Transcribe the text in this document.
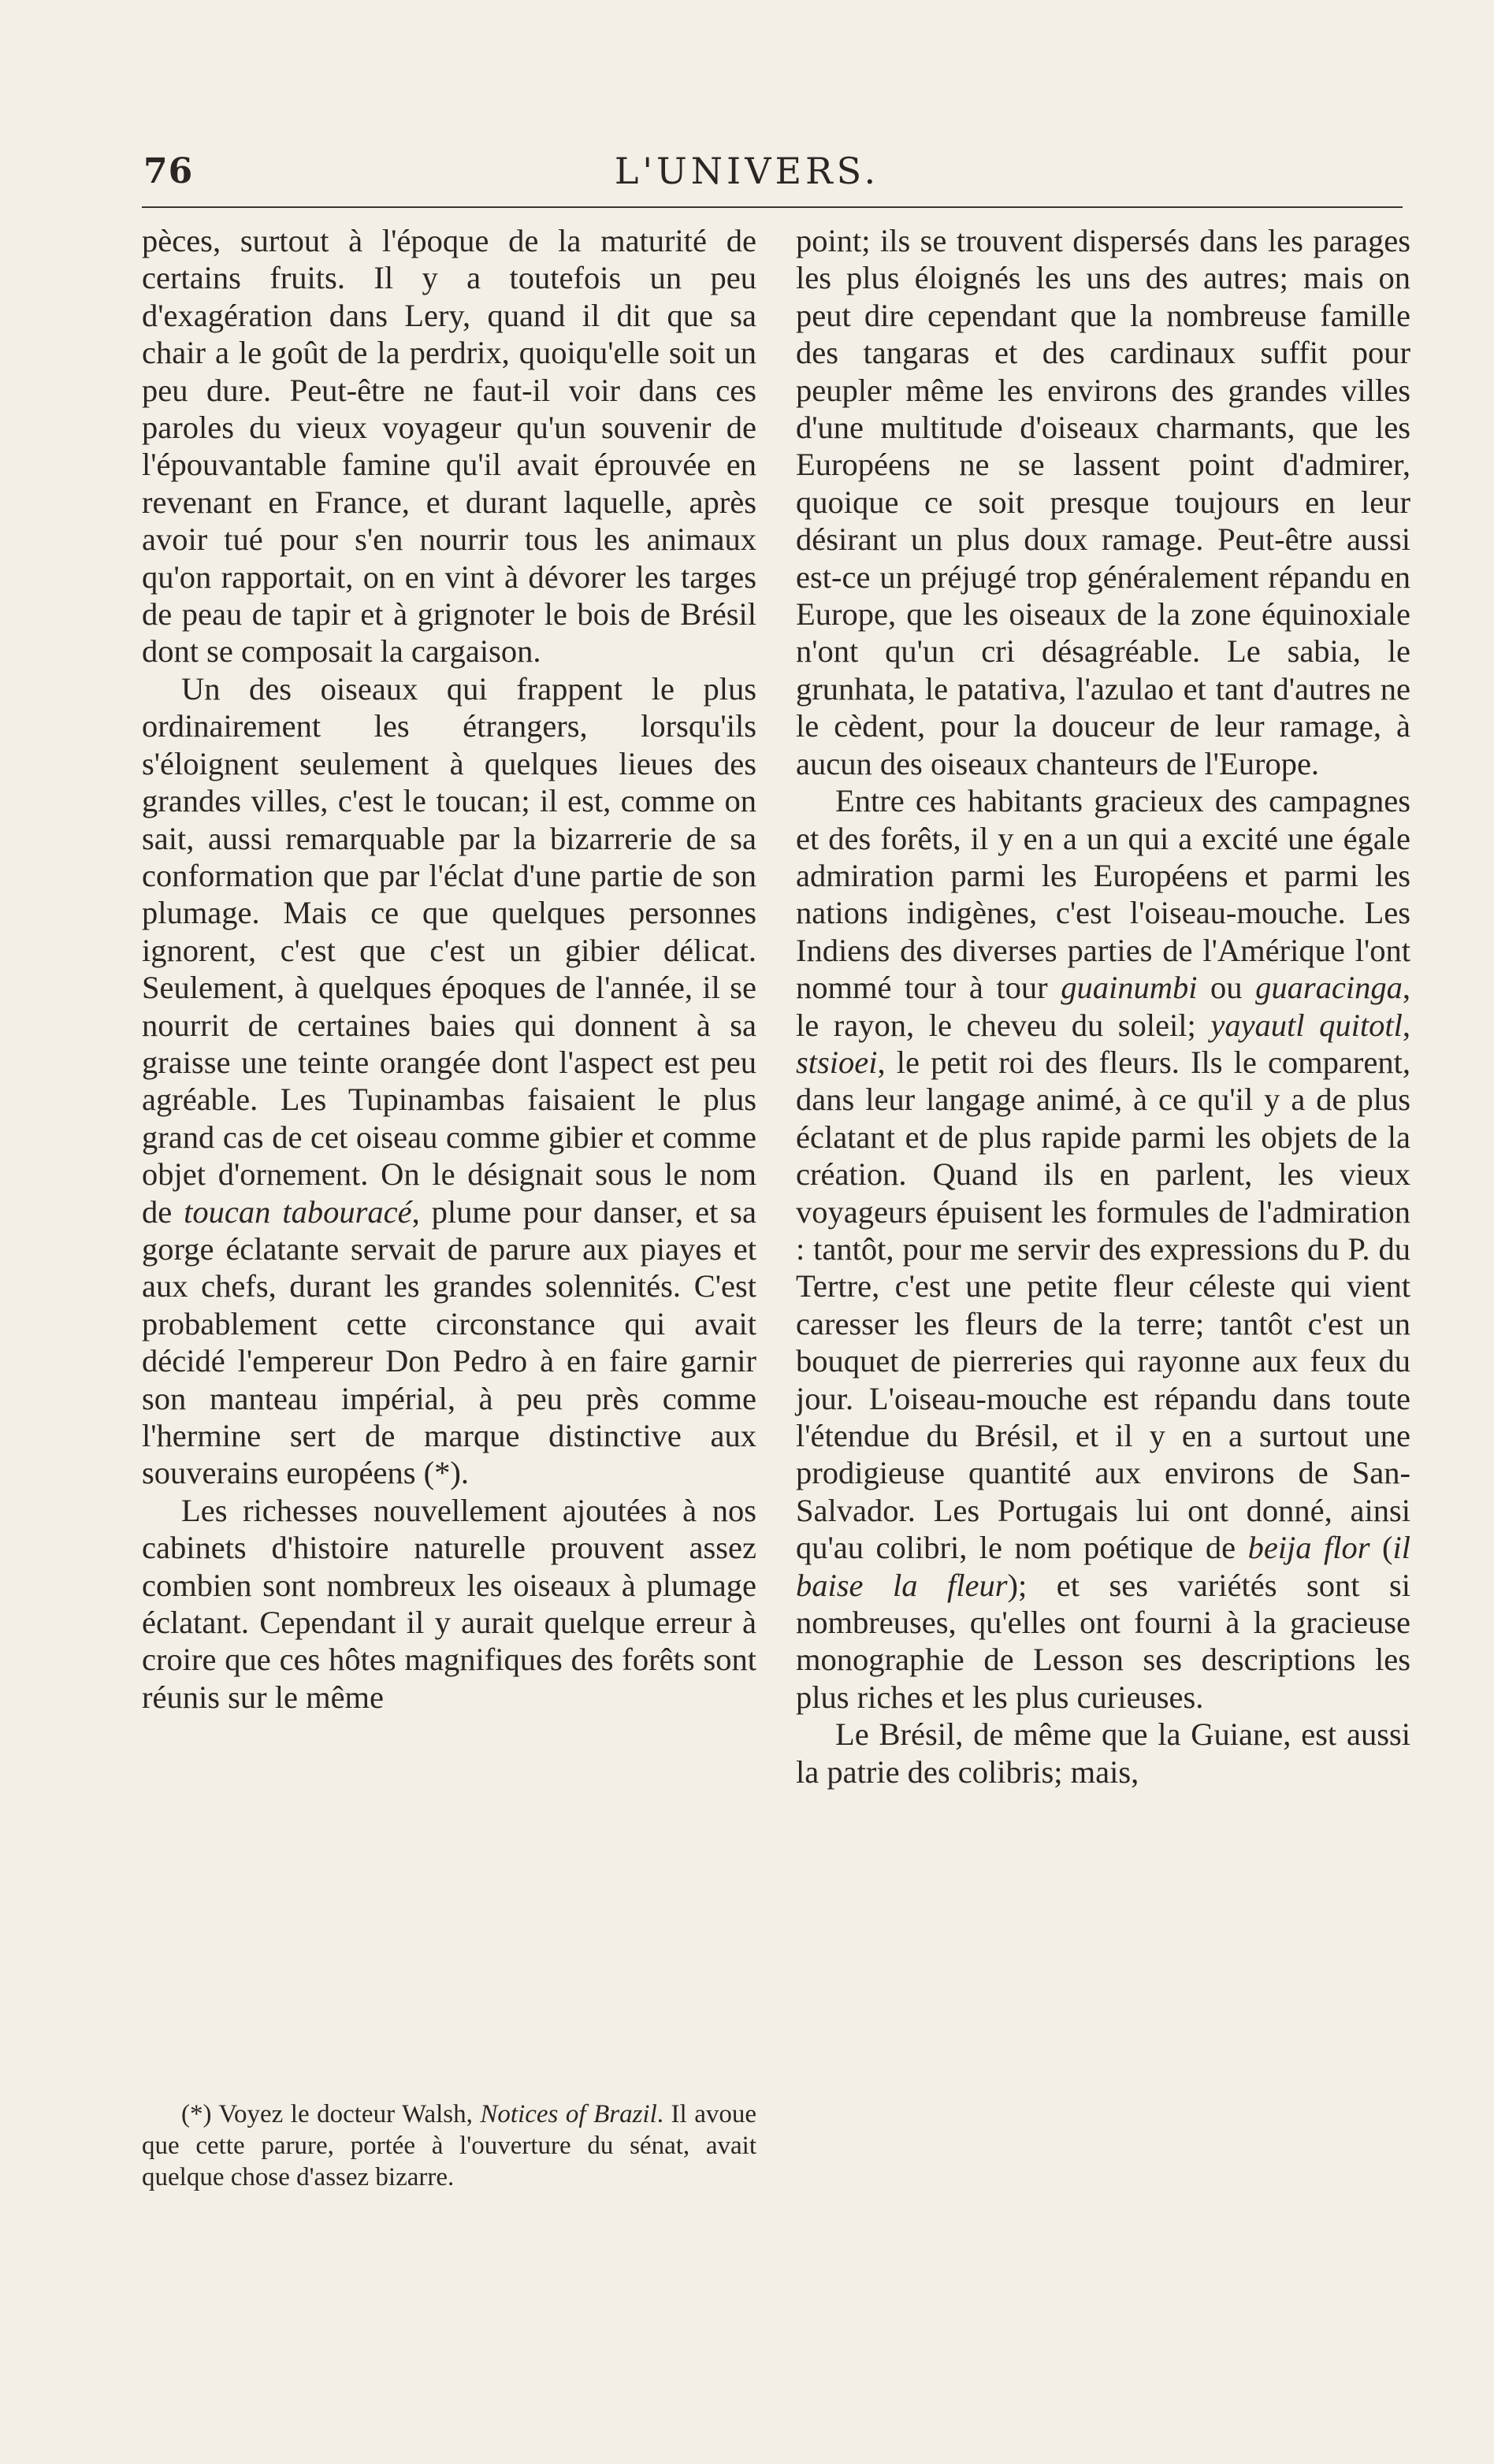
76	L'UNIVERS.

pèces, surtout à l'époque de la maturité de certains fruits. Il y a toutefois un peu d'exagération dans Lery, quand il dit que sa chair a le goût de la perdrix, quoiqu'elle soit un peu dure. Peut-être ne faut-il voir dans ces paroles du vieux voyageur qu'un souvenir de l'épouvantable famine qu'il avait éprouvée en revenant en France, et durant laquelle, après avoir tué pour s'en nourrir tous les animaux qu'on rapportait, on en vint à dévorer les targes de peau de tapir et à grignoter le bois de Brésil dont se composait la cargaison.

Un des oiseaux qui frappent le plus ordinairement les étrangers, lorsqu'ils s'éloignent seulement à quelques lieues des grandes villes, c'est le toucan; il est, comme on sait, aussi remarquable par la bizarrerie de sa conformation que par l'éclat d'une partie de son plumage. Mais ce que quelques personnes ignorent, c'est que c'est un gibier délicat. Seulement, à quelques époques de l'année, il se nourrit de certaines baies qui donnent à sa graisse une teinte orangée dont l'aspect est peu agréable. Les Tupinambas faisaient le plus grand cas de cet oiseau comme gibier et comme objet d'ornement. On le désignait sous le nom de toucan tabouracé, plume pour danser, et sa gorge éclatante servait de parure aux piayes et aux chefs, durant les grandes solennités. C'est probablement cette circonstance qui avait décidé l'empereur Don Pedro à en faire garnir son manteau impérial, à peu près comme l'hermine sert de marque distinctive aux souverains européens (*).

Les richesses nouvellement ajoutées à nos cabinets d'histoire naturelle prouvent assez combien sont nombreux les oiseaux à plumage éclatant. Cependant il y aurait quelque erreur à croire que ces hôtes magnifiques des forêts sont réunis sur le même

(*) Voyez le docteur Walsh, Notices of Brazil. Il avoue que cette parure, portée à l'ouverture du sénat, avait quelque chose d'assez bizarre.

point; ils se trouvent dispersés dans les parages les plus éloignés les uns des autres; mais on peut dire cependant que la nombreuse famille des tangaras et des cardinaux suffit pour peupler même les environs des grandes villes d'une multitude d'oiseaux charmants, que les Européens ne se lassent point d'admirer, quoique ce soit presque toujours en leur désirant un plus doux ramage. Peut-être aussi est-ce un préjugé trop généralement répandu en Europe, que les oiseaux de la zone équinoxiale n'ont qu'un cri désagréable. Le sabia, le grunhata, le patativa, l'azulao et tant d'autres ne le cèdent, pour la douceur de leur ramage, à aucun des oiseaux chanteurs de l'Europe.

Entre ces habitants gracieux des campagnes et des forêts, il y en a un qui a excité une égale admiration parmi les Européens et parmi les nations indigènes, c'est l'oiseau-mouche. Les Indiens des diverses parties de l'Amérique l'ont nommé tour à tour guainumbi ou guaracinga, le rayon, le cheveu du soleil; yayautl quitotl, stsioei, le petit roi des fleurs. Ils le comparent, dans leur langage animé, à ce qu'il y a de plus éclatant et de plus rapide parmi les objets de la création. Quand ils en parlent, les vieux voyageurs épuisent les formules de l'admiration : tantôt, pour me servir des expressions du P. du Tertre, c'est une petite fleur céleste qui vient caresser les fleurs de la terre; tantôt c'est un bouquet de pierreries qui rayonne aux feux du jour. L'oiseau-mouche est répandu dans toute l'étendue du Brésil, et il y en a surtout une prodigieuse quantité aux environs de San-Salvador. Les Portugais lui ont donné, ainsi qu'au colibri, le nom poétique de beija flor (il baise la fleur); et ses variétés sont si nombreuses, qu'elles ont fourni à la gracieuse monographie de Lesson ses descriptions les plus riches et les plus curieuses.

Le Brésil, de même que la Guiane, est aussi la patrie des colibris; mais,
